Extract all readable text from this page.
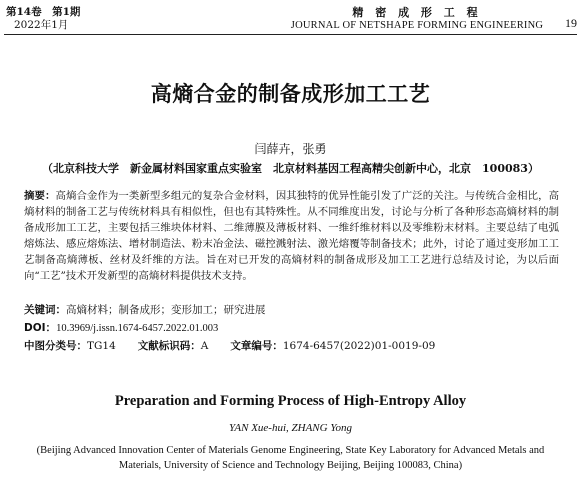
第14卷　第1期
2022年1月
精 密 成 形 工 程
JOURNAL OF NETSHAPE FORMING ENGINEERING	19
高熵合金的制备成形加工工艺
闫薛卉，张勇
（北京科技大学　新金属材料国家重点实验室　北京材料基因工程高精尖创新中心，北京　100083）
摘要：高熵合金作为一类新型多组元的复杂合金材料，因其独特的优异性能引发了广泛的关注。与传统合金相比，高熵材料的制备工艺与传统材料具有相似性，但也有其特殊性。从不同维度出发，讨论与分析了各种形态高熵材料的制备成形加工工艺，主要包括三维块体材料、二维薄膜及薄板材料、一维纤维材料以及零维粉末材料。主要总结了电弧熔炼法、感应熔炼法、增材制造法、粉末冶金法、磁控溅射法、激光熔覆等制备技术；此外，讨论了通过变形加工工艺制备高熵薄板、丝材及纤维的方法。旨在对已开发的高熵材料的制备成形及加工工艺进行总结及讨论，为以后面向“工艺”技术开发新型的高熵材料提供技术支持。
关键词：高熵材料；制备成形；变形加工；研究进展
DOI：10.3969/j.issn.1674-6457.2022.01.003
中图分类号：TG14 文献标识码：A 文章编号：1674-6457(2022)01-0019-09
Preparation and Forming Process of High-Entropy Alloy
YAN Xue-hui, ZHANG Yong
(Beijing Advanced Innovation Center of Materials Genome Engineering, State Key Laboratory for Advanced Metals and Materials, University of Science and Technology Beijing, Beijing 100083, China)
